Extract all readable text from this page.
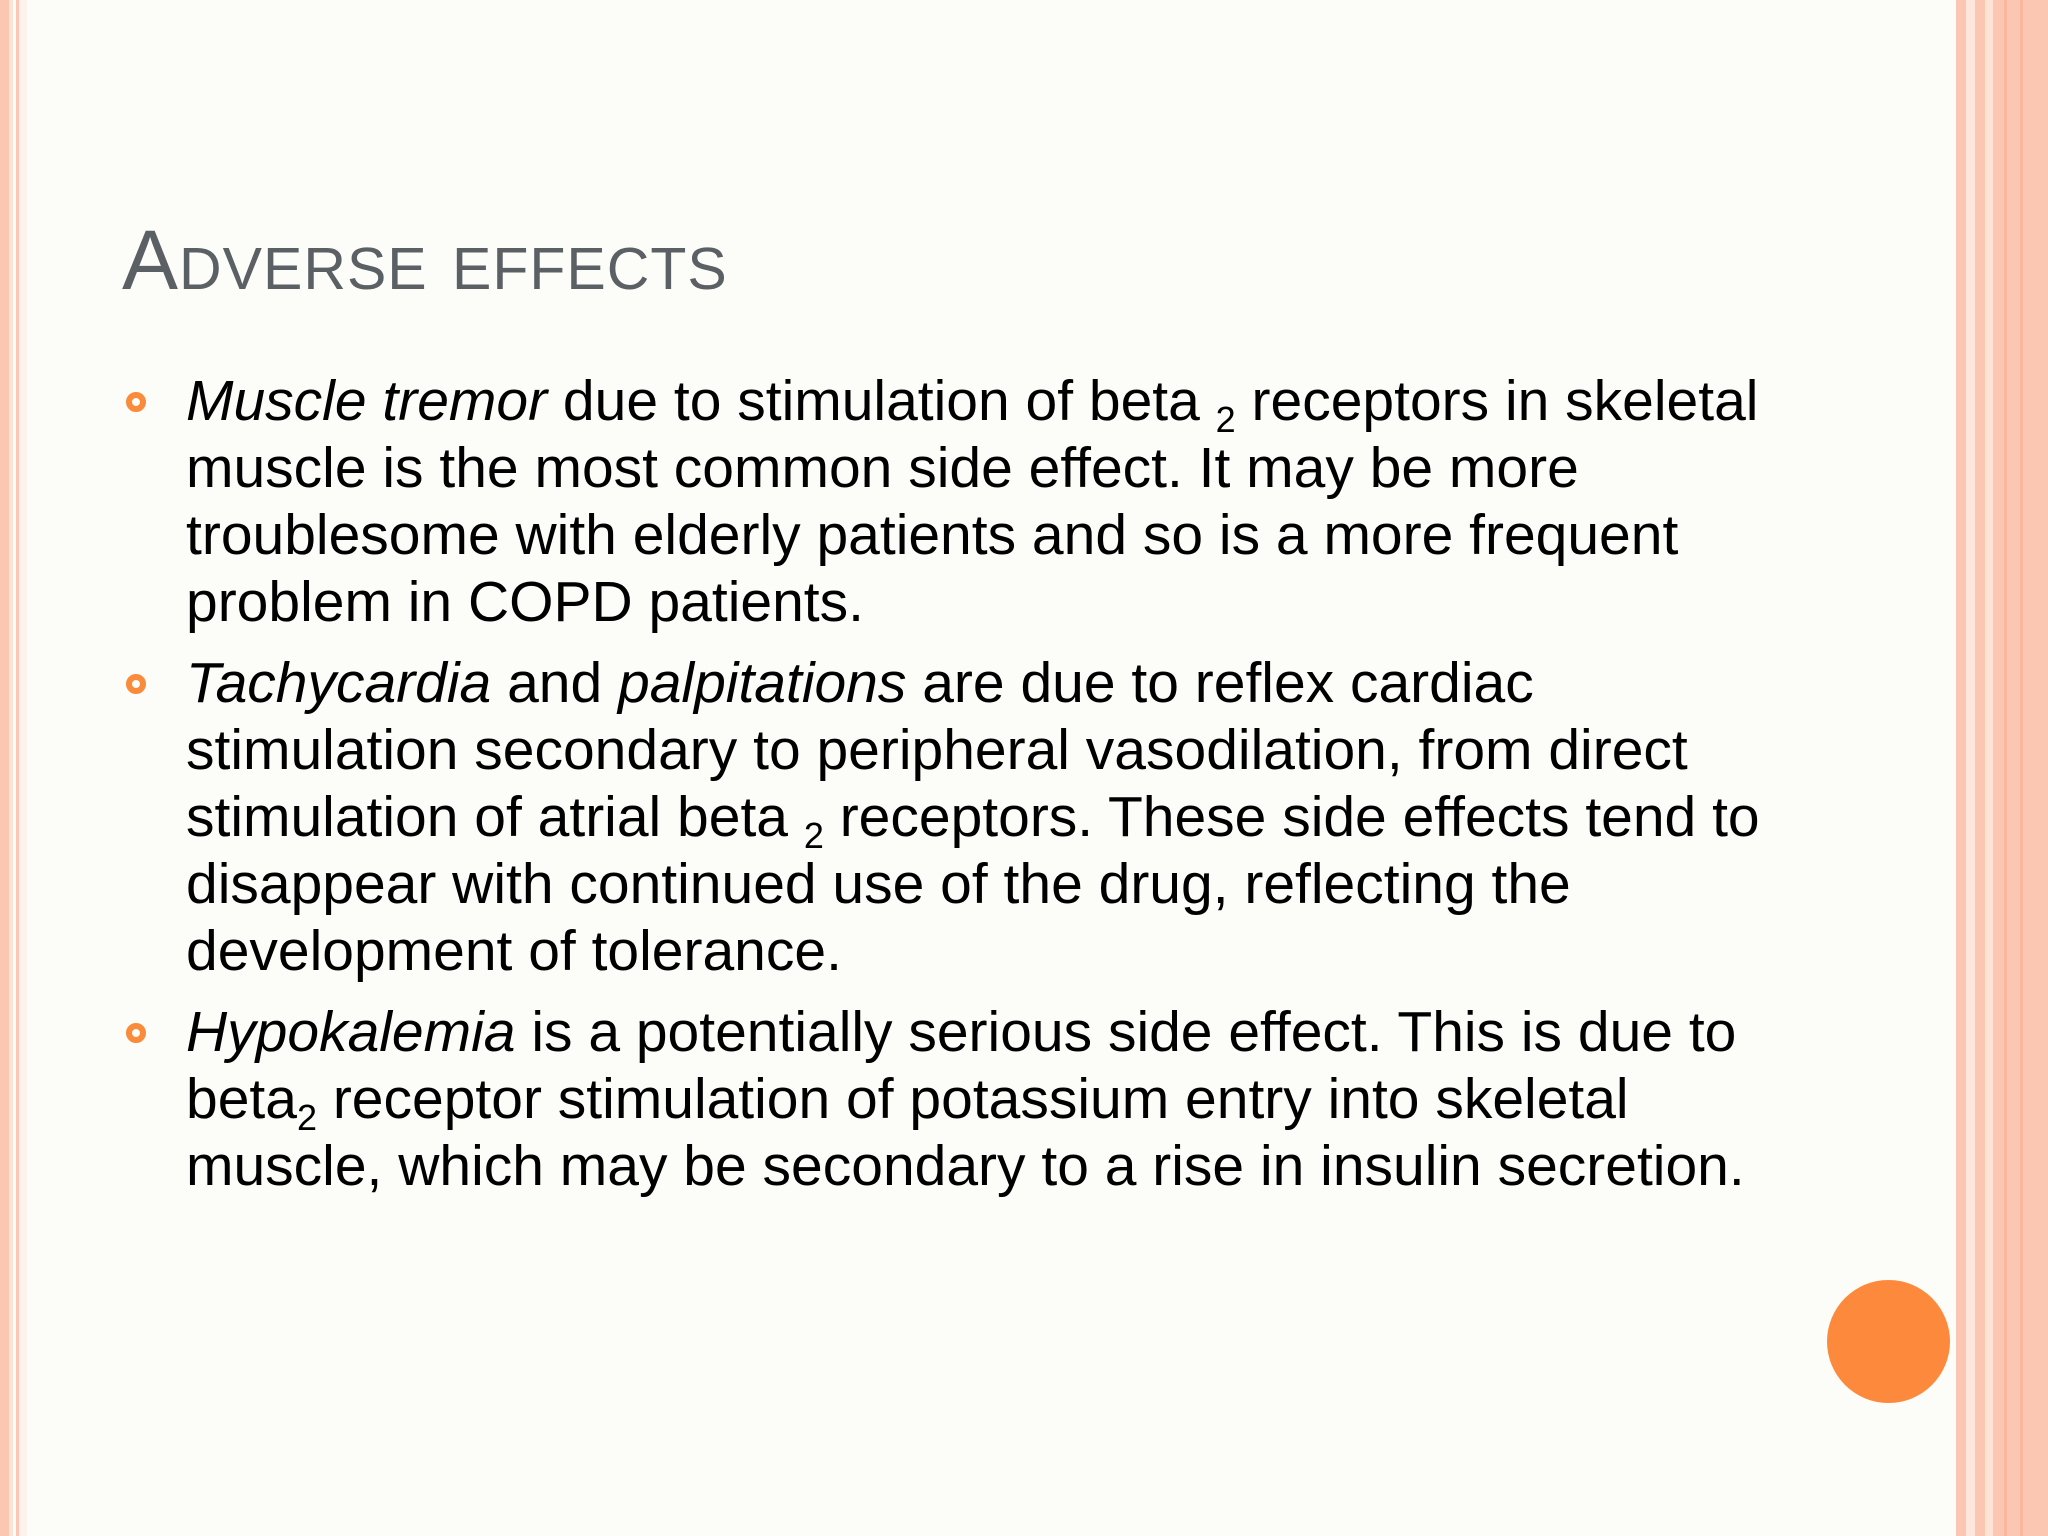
Adverse effects
Muscle tremor due to stimulation of beta $_2$ receptors in skeletal muscle is the most common side effect. It may be more troublesome with elderly patients and so is a more frequent problem in COPD patients.
Tachycardia and palpitations are due to reflex cardiac stimulation secondary to peripheral vasodilation, from direct stimulation of atrial beta $_2$ receptors. These side effects tend to disappear with continued use of the drug, reflecting the development of tolerance.
Hypokalemia is a potentially serious side effect. This is due to beta$_2$ receptor stimulation of potassium entry into skeletal muscle, which may be secondary to a rise in insulin secretion.
